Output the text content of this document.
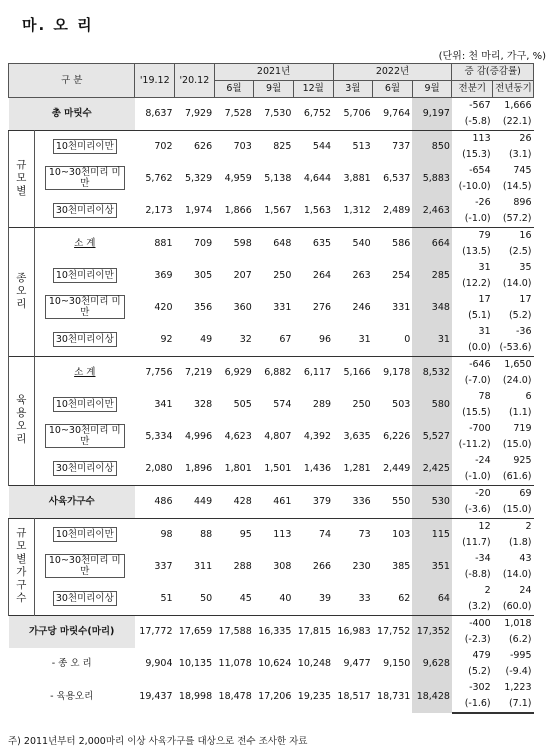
마. 오 리
(단위: 천 마리, 가구, %)
구 분		'19.12	'20.12	2021년			2022년			증 감(증감률)	
				6월	9월	12월	3월	6월	9월	전분기	전년동기
총 마릿수		8,637	7,929	7,528	7,530	6,752	5,706	9,764	9,197	-567	1,666
										(-5.8)	(22.1)
규모별	10천미리이만	702	626	703	825	544	513	737	850	113	26
										(15.3)	(3.1)
	10~30천미리 미만	5,762	5,329	4,959	5,138	4,644	3,881	6,537	5,883	-654	745
										(-10.0)	(14.5)
	30천미리이상	2,173	1,974	1,866	1,567	1,563	1,312	2,489	2,463	-26	896
										(-1.0)	(57.2)
종오리	소 계	881	709	598	648	635	540	586	664	79	16
										(13.5)	(2.5)
	10천미리이만	369	305	207	250	264	263	254	285	31	35
										(12.2)	(14.0)
	10~30천미리 미만	420	356	360	331	276	246	331	348	17	17
										(5.1)	(5.2)
	30천미리이상	92	49	32	67	96	31	0	31	31	-36
										(0.0)	(-53.6)
육용오리	소 계	7,756	7,219	6,929	6,882	6,117	5,166	9,178	8,532	-646	1,650
										(-7.0)	(24.0)
	10천미리이만	341	328	505	574	289	250	503	580	78	6
										(15.5)	(1.1)
	10~30천미리 미만	5,334	4,996	4,623	4,807	4,392	3,635	6,226	5,527	-700	719
										(-11.2)	(15.0)
	30천미리이상	2,080	1,896	1,801	1,501	1,436	1,281	2,449	2,425	-24	925
										(-1.0)	(61.6)
사육가구수		486	449	428	461	379	336	550	530	-20	69
										(-3.6)	(15.0)
규모별 가구수	10천미리이만	98	88	95	113	74	73	103	115	12	2
										(11.7)	(1.8)
	10~30천미리 미만	337	311	288	308	266	230	385	351	-34	43
										(-8.8)	(14.0)
	30천미리이상	51	50	45	40	39	33	62	64	2	24
										(3.2)	(60.0)
가구당 마릿수(마리)		17,772	17,659	17,588	16,335	17,815	16,983	17,752	17,352	-400	1,018
										(-2.3)	(6.2)
- 종 오 리		9,904	10,135	11,078	10,624	10,248	9,477	9,150	9,628	479	-995
										(5.2)	(-9.4)
- 육용오리		19,437	18,998	18,478	17,206	19,235	18,517	18,731	18,428	-302	1,223
										(-1.6)	(7.1)
주) 2011년부터 2,000마리 이상 사육가구를 대상으로 전수 조사한 자료
